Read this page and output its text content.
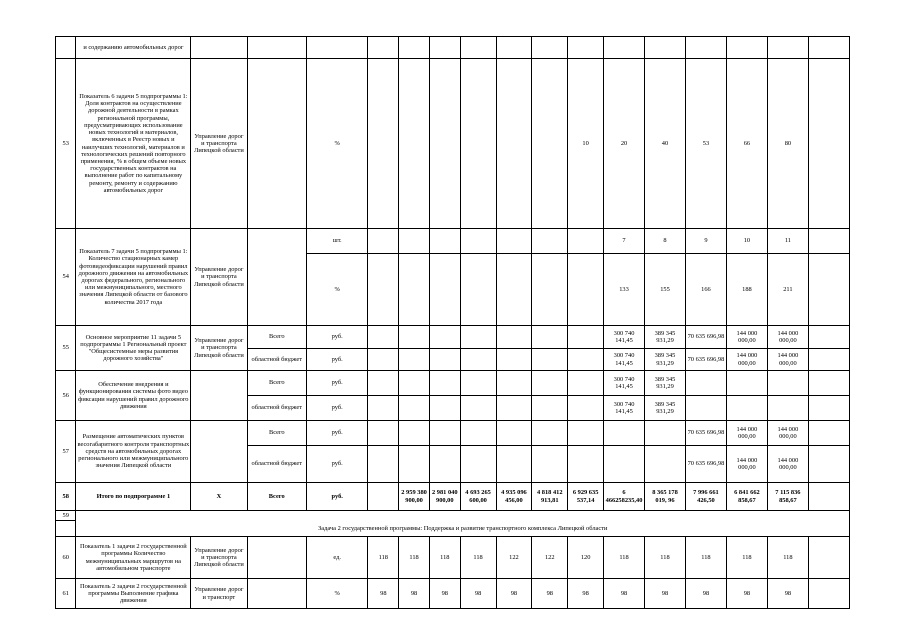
	и содержанию автомобильных дорог																
53	Показатель 6 задачи 5 подпрограммы 1: Доля контрактов на осуществление дорожной деятельности в рамках региональной программы, предусматривающих использование новых технологий и материалов, включенных в Реестр новых и наилучших технологий, материалов и технологических решений повторного применения, % в общем объеме новых государственных контрактов на выполнение работ по капитальному ремонту, ремонту и содержанию автомобильных дорог	Управление дорог и транспорта Липецкой области		%							10	20	40	53	66	80	
54	Показатель 7 задачи 5 подпрограммы 1: Количество стационарных камер фотовидеофиксации нарушений правил дорожного движения на автомобильных дорогах федерального, регионального или межмуниципального, местного значения Липецкой области от базового количества 2017 года	Управление дорог и транспорта Липецкой области		шт.								7	8	9	10	11	
				%								133	155	166	188	211	
55	Основное мероприятие 11 задачи 5 подпрограммы 1 Региональный проект "Общесистемные меры развития дорожного хозяйства"	Управление дорог и транспорта Липецкой области	Всего	руб.								300 740 141,45	389 345 931,29	70 635 696,98	144 000 000,00	144 000 000,00	
			областной бюджет	руб.								300 740 141,45	389 345 931,29	70 635 696,98	144 000 000,00	144 000 000,00	
56	Обеспечение внедрения и функционирования системы фото видео фиксации нарушений правил дорожного движения		Всего	руб.								300 740 141,45	389 345 931,29				
			областной бюджет	руб.								300 740 141,45	389 345 931,29				
57	Размещение автоматических пунктов весогабаритного контроля транспортных средств на автомобильных дорогах регионального или межмуниципального значения Липецкой области		Всего	руб.										70 635 696,98	144 000 000,00	144 000 000,00	
			областной бюджет	руб.										70 635 696,98	144 000 000,00	144 000 000,00	
58	Итого по подпрограмме 1	X	Всего	руб.		2 959 380 900,00	2 981 040 900,00	4 693 265 600,00	4 935 096 456,00	4 818 412 913,81	6 929 635 537,14	6 466258235,40	8 365 178 019, 96	7 996 661 426,50	6 841 662 858,67	7 115 836 858,67	
59																	
	Задача 2 государственной программы: Поддержка и развитие транспортного комплекса Липецкой области																
60	Показатель 1 задачи 2 государственной программы Количество межмуниципальных маршрутов на автомобильном транспорте	Управление дорог и транспорта Липецкой области		ед.	118	118	118	118	122	122	120	118	118	118	118	118	
61	Показатель 2 задачи 2 государственной программы Выполнение графика движения	Управление дорог и транспорт		%	98	98	98	98	98	98	98	98	98	98	98	98	
